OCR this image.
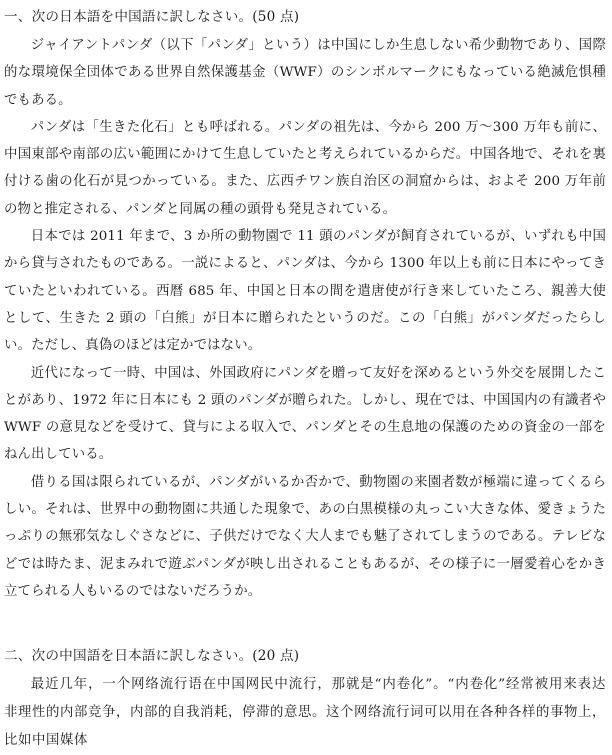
一、次の日本語を中国語に訳しなさい。(50 点)

ジャイアントパンダ（以下「パンダ」という）は中国にしか生息しない希少動物であり、国際的な環境保全団体である世界自然保護基金（WWF）のシンボルマークにもなっている絶滅危惧種でもある。

パンダは「生きた化石」とも呼ばれる。パンダの祖先は、今から 200 万～300 万年も前に、中国東部や南部の広い範囲にかけて生息していたと考えられているからだ。中国各地で、それを裏付ける歯の化石が見つかっている。また、広西チワン族自治区の洞窟からは、およそ 200 万年前の物と推定される、パンダと同属の種の頭骨も発見されている。

日本では 2011 年まで、3 か所の動物園で 11 頭のパンダが飼育されているが、いずれも中国から貸与されたものである。一説によると、パンダは、今から 1300 年以上も前に日本にやってきていたといわれている。西暦 685 年、中国と日本の間を遣唐使が行き来していたころ、親善大使として、生きた 2 頭の「白熊」が日本に贈られたというのだ。この「白熊」がパンダだったらしい。ただし、真偽のほどは定かではない。

近代になって一時、中国は、外国政府にパンダを贈って友好を深めるという外交を展開したことがあり、1972 年に日本にも 2 頭のパンダが贈られた。しかし、現在では、中国国内の有識者や WWF の意見などを受けて、貸与による収入で、パンダとその生息地の保護のための資金の一部をねん出している。

借りる国は限られているが、パンダがいるか否かで、動物園の来園者数が極端に違ってくるらしい。それは、世界中の動物園に共通した現象で、あの白黒模様の丸っこい大きな体、愛きょうたっぷりの無邪気なしぐさなどに、子供だけでなく大人までも魅了されてしまうのである。テレビなどでは時たま、泥まみれで遊ぶパンダが映し出されることもあるが、その様子に一層愛着心をかき立てられる人もいるのではないだろうか。

二、次の中国語を日本語に訳しなさい。(20 点)

最近几年，一个网络流行语在中国网民中流行，那就是“内卷化”。“内卷化”经常被用来表达非理性的内部竞争，内部的自我消耗，停滞的意思。这个网络流行词可以用在各种各样的事物上，比如中国媒体
